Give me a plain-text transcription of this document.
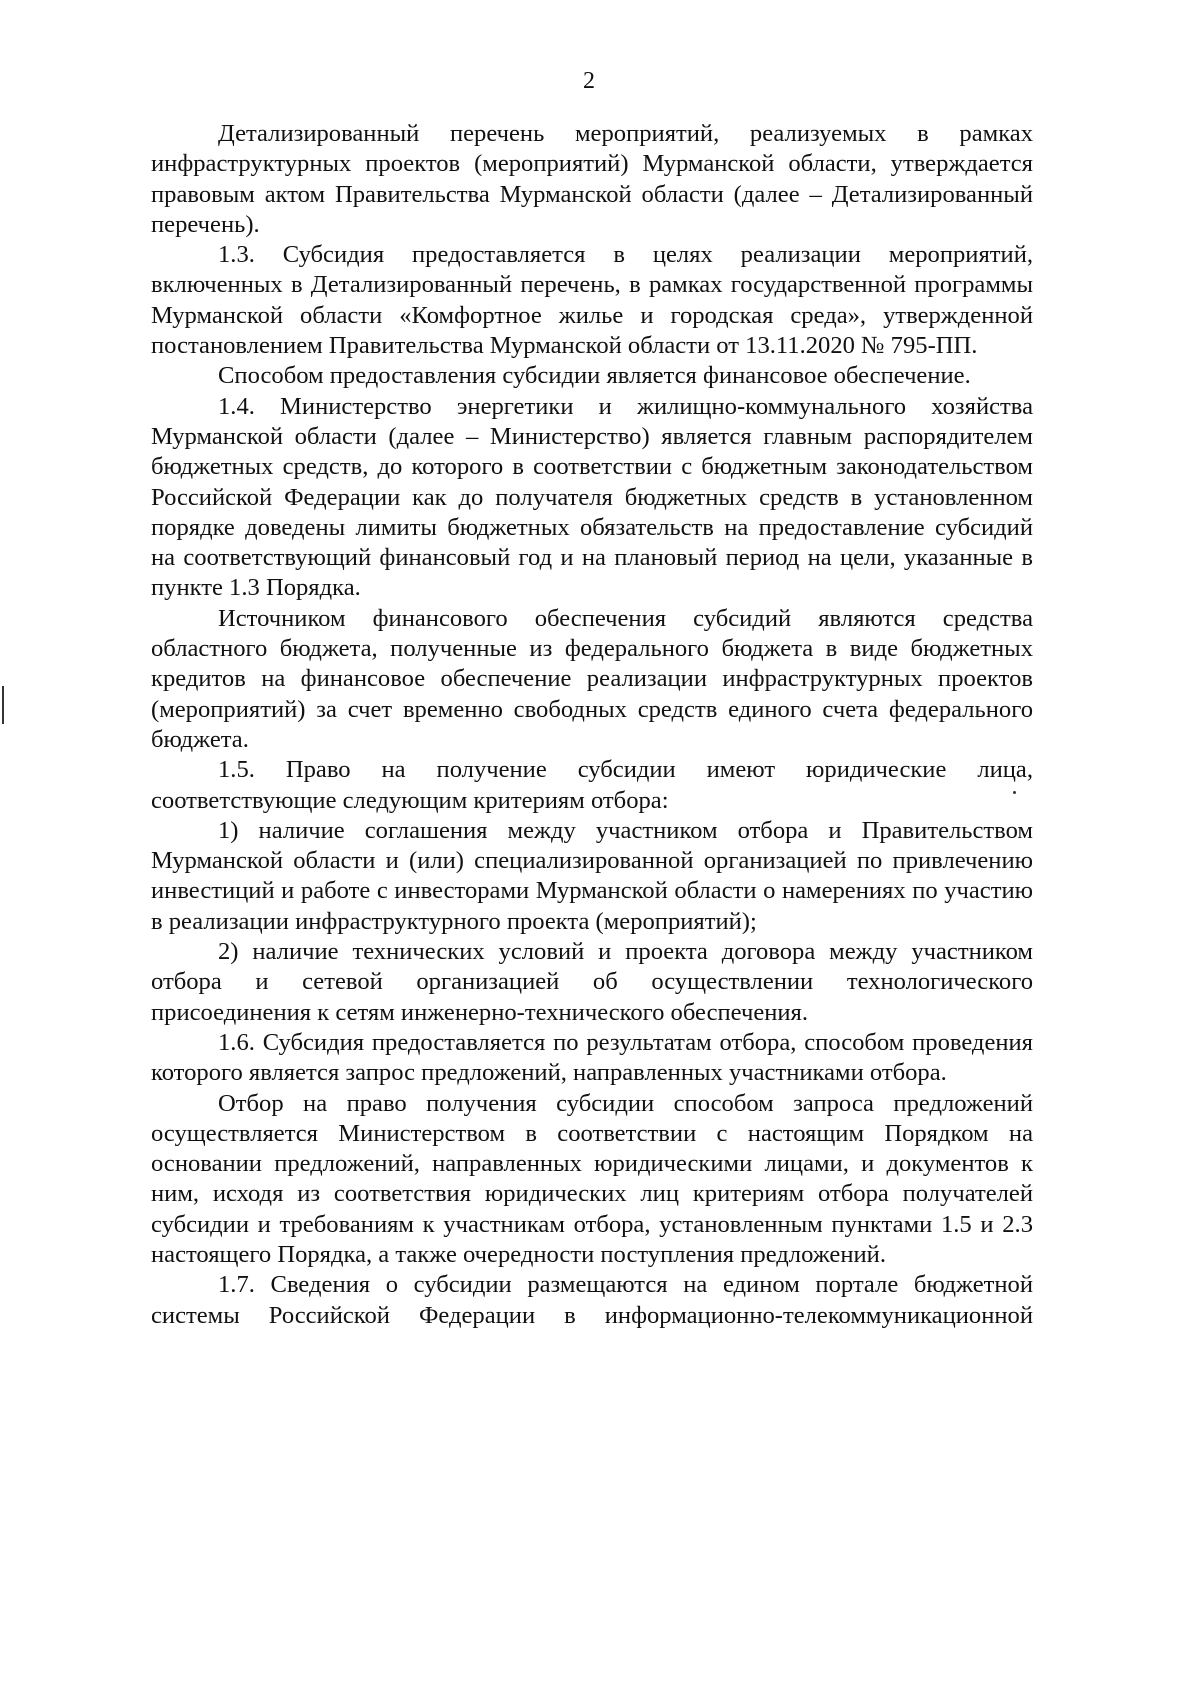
2

Детализированный перечень мероприятий, реализуемых в рамках инфраструктурных проектов (мероприятий) Мурманской области, утверждается правовым актом Правительства Мурманской области (далее – Детализированный перечень).

1.3. Субсидия предоставляется в целях реализации мероприятий, включенных в Детализированный перечень, в рамках государственной программы Мурманской области «Комфортное жилье и городская среда», утвержденной постановлением Правительства Мурманской области от 13.11.2020 № 795-ПП.

Способом предоставления субсидии является финансовое обеспечение.

1.4. Министерство энергетики и жилищно-коммунального хозяйства Мурманской области (далее – Министерство) является главным распорядителем бюджетных средств, до которого в соответствии с бюджетным законодательством Российской Федерации как до получателя бюджетных средств в установленном порядке доведены лимиты бюджетных обязательств на предоставление субсидий на соответствующий финансовый год и на плановый период на цели, указанные в пункте 1.3 Порядка.

Источником финансового обеспечения субсидий являются средства областного бюджета, полученные из федерального бюджета в виде бюджетных кредитов на финансовое обеспечение реализации инфраструктурных проектов (мероприятий) за счет временно свободных средств единого счета федерального бюджета.

1.5. Право на получение субсидии имеют юридические лица, соответствующие следующим критериям отбора:

1) наличие соглашения между участником отбора и Правительством Мурманской области и (или) специализированной организацией по привлечению инвестиций и работе с инвесторами Мурманской области о намерениях по участию в реализации инфраструктурного проекта (мероприятий);

2) наличие технических условий и проекта договора между участником отбора и сетевой организацией об осуществлении технологического присоединения к сетям инженерно-технического обеспечения.

1.6. Субсидия предоставляется по результатам отбора, способом проведения которого является запрос предложений, направленных участниками отбора.

Отбор на право получения субсидии способом запроса предложений осуществляется Министерством в соответствии с настоящим Порядком на основании предложений, направленных юридическими лицами, и документов к ним, исходя из соответствия юридических лиц критериям отбора получателей субсидии и требованиям к участникам отбора, установленным пунктами 1.5 и 2.3 настоящего Порядка, а также очередности поступления предложений.

1.7. Сведения о субсидии размещаются на едином портале бюджетной системы Российской Федерации в информационно-телекоммуникационной
